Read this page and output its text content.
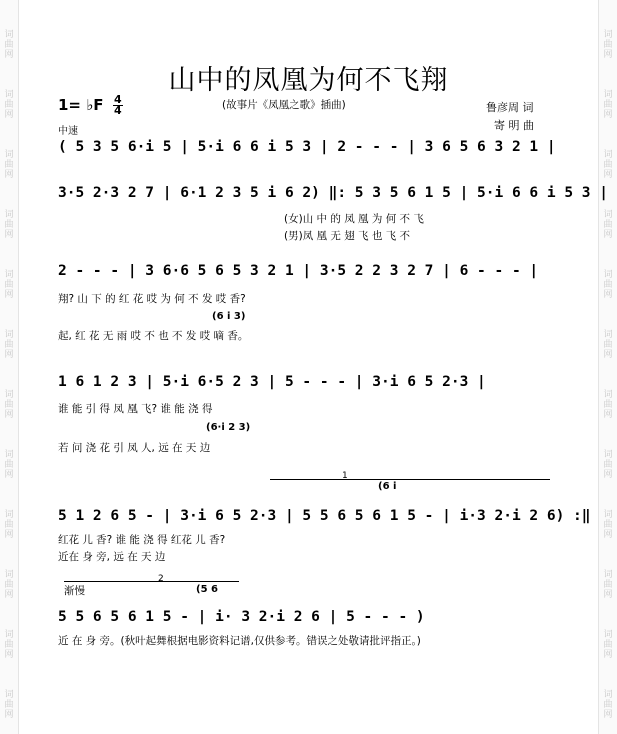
词
曲
网
词
曲
网
词
曲
网
词
曲
网
词
曲
网
词
曲
网
词
曲
网
词
曲
网
词
曲
网
词
曲
网
词
曲
网
词
曲
网
词
曲
网
词
曲
网
词
曲
网
词
曲
网
词
曲
网
词
曲
网
词
曲
网
词
曲
网
词
曲
网
词
曲
网
词
曲
网
词
曲
网
山中的凤凰为何不飞翔
(故事片《凤凰之歌》插曲)
1= ♭F $\frac{4}{4}$
中速
鲁彦周 词
寄 明 曲
( 5 3 5 6·i 5 | 5·i 6 6 i 5 3 | 2 - - - | 3 6 5 6 3 2 1 |
3·5 2·3 2 7 | 6·1 2 3 5 i 6 2) ‖: 5 3 5 6 1 5 | 5·i 6 6 i 5 3 |
(女)山 中 的 凤 凰 为 何 不 飞
(男)凤 凰 无 翅 飞 也 飞 不
2 - - - | 3 6·6 5 6 5 3 2 1 | 3·5 2 2 3 2 7 | 6 - - - |
翔? 山 下 的 红 花 哎 为 何 不 发 哎 香?
(6 i 3)
起, 红 花 无 雨 哎 不 也 不 发 哎 嘀 香。
1 6 1 2 3 | 5·i 6·5 2 3 | 5 - - - | 3·i 6 5 2·3 |
谁 能 引 得 凤 凰 飞? 谁 能 浇 得
(6·i 2 3)
若 问 浇 花 引 凤 人, 远 在 天 边
1
(6 i
5 1 2 6 5 - | 3·i 6 5 2·3 | 5 5 6 5 6 1 5 - | i·3 2·i 2 6) :‖
红花 儿 香? 谁 能 浇 得 红花 儿 香?
近在 身 旁, 远 在 天 边
2
渐慢	(5 6
5 5 6 5 6 1 5 - | i· 3 2·i 2 6 | 5 - - - )
近 在 身 旁。(秋叶起舞根据电影资料记谱,仅供参考。错误之处敬请批评指正。)
